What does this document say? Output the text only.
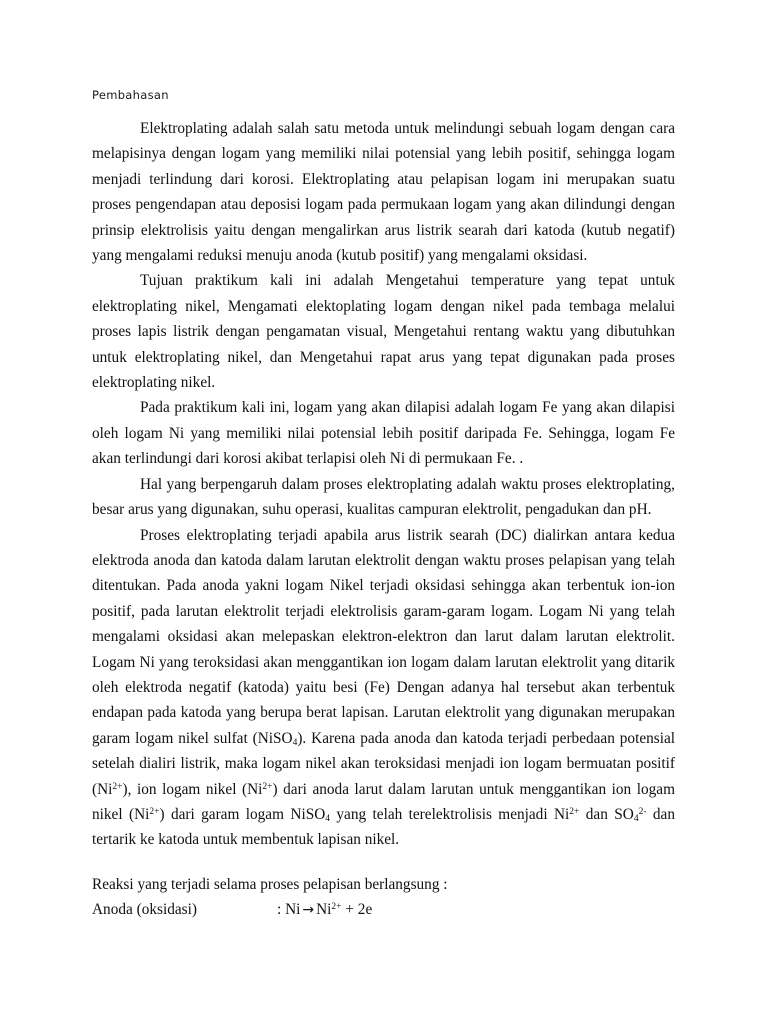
Pembahasan

Elektroplating adalah salah satu metoda untuk melindungi sebuah logam dengan cara melapisinya dengan logam yang memiliki nilai potensial yang lebih positif, sehingga logam menjadi terlindung dari korosi. Elektroplating atau pelapisan logam ini merupakan suatu proses pengendapan atau deposisi logam pada permukaan logam yang akan dilindungi dengan prinsip elektrolisis yaitu dengan mengalirkan arus listrik searah dari katoda (kutub negatif) yang mengalami reduksi menuju anoda (kutub positif) yang mengalami oksidasi.

Tujuan praktikum kali ini adalah Mengetahui temperature yang tepat untuk elektroplating nikel, Mengamati elektoplating logam dengan nikel pada tembaga melalui proses lapis listrik dengan pengamatan visual, Mengetahui rentang waktu yang dibutuhkan untuk elektroplating nikel, dan Mengetahui rapat arus yang tepat digunakan pada proses elektroplating nikel.

Pada praktikum kali ini, logam yang akan dilapisi adalah logam Fe yang akan dilapisi oleh logam Ni yang memiliki nilai potensial lebih positif daripada Fe. Sehingga, logam Fe akan terlindungi dari korosi akibat terlapisi oleh Ni di permukaan Fe. .

Hal yang berpengaruh dalam proses elektroplating adalah waktu proses elektroplating, besar arus yang digunakan, suhu operasi, kualitas campuran elektrolit, pengadukan dan pH.

Proses elektroplating terjadi apabila arus listrik searah (DC) dialirkan antara kedua elektroda anoda dan katoda dalam larutan elektrolit dengan waktu proses pelapisan yang telah ditentukan. Pada anoda yakni logam Nikel terjadi oksidasi sehingga akan terbentuk ion-ion positif, pada larutan elektrolit terjadi elektrolisis garam-garam logam. Logam Ni yang telah mengalami oksidasi akan melepaskan elektron-elektron dan larut dalam larutan elektrolit. Logam Ni yang teroksidasi akan menggantikan ion logam dalam larutan elektrolit yang ditarik oleh elektroda negatif (katoda) yaitu besi (Fe) Dengan adanya hal tersebut akan terbentuk endapan pada katoda yang berupa berat lapisan. Larutan elektrolit yang digunakan merupakan garam logam nikel sulfat (NiSO$_4$). Karena pada anoda dan katoda terjadi perbedaan potensial setelah dialiri listrik, maka logam nikel akan teroksidasi menjadi ion logam bermuatan positif $(Ni^{2+})$, ion logam nikel $(Ni^{2+})$ dari anoda larut dalam larutan untuk menggantikan ion logam nikel $(Ni^{2+})$ dari garam logam NiSO$_4$ yang telah terelektrolisis menjadi $Ni^{2+}$ dan $SO_4^{2-}$ dan tertarik ke katoda untuk membentuk lapisan nikel.

Reaksi yang terjadi selama proses pelapisan berlangsung :
Anoda (oksidasi)	: $Ni \to Ni^{2+} + 2e$
